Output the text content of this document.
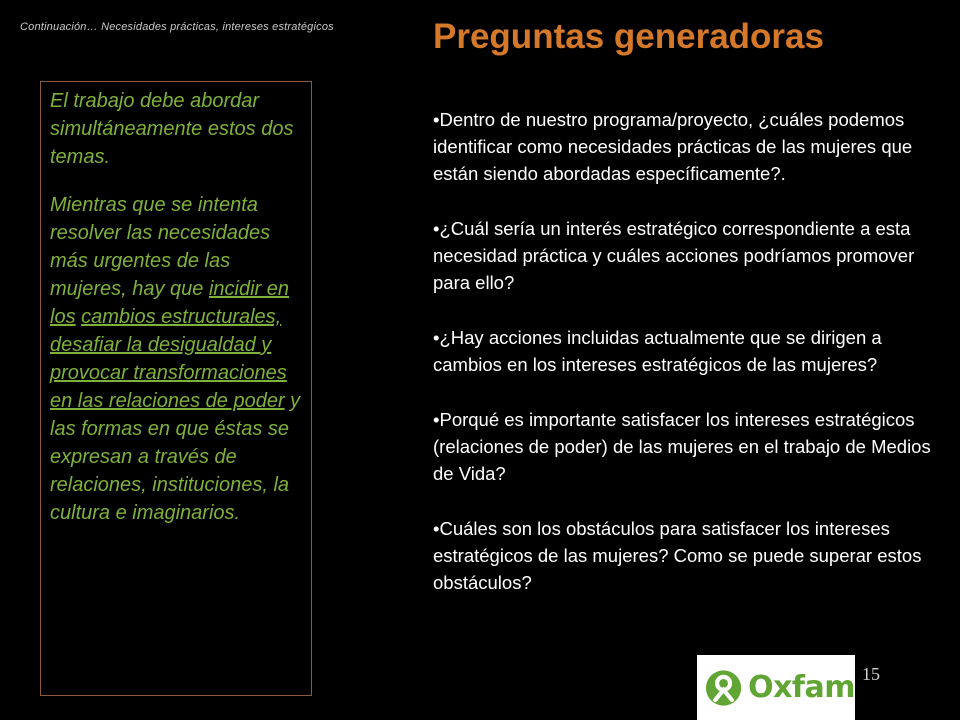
Continuación… Necesidades prácticas, intereses estratégicos	Preguntas generadoras

El trabajo debe abordar simultáneamente estos dos temas.

Mientras que se intenta resolver las necesidades más urgentes de las mujeres, hay que incidir en los cambios estructurales, desafiar la desigualdad y provocar transformaciones en las relaciones de poder y las formas en que éstas se expresan a través de relaciones, instituciones, la cultura e imaginarios.

•Dentro de nuestro programa/proyecto, ¿cuáles podemos identificar como necesidades prácticas de las mujeres que están siendo abordadas específicamente?.

•¿Cuál sería un interés estratégico correspondiente a esta necesidad práctica y cuáles acciones podríamos promover para ello?

•¿Hay acciones incluidas actualmente que se dirigen a cambios en los intereses estratégicos de las mujeres?

•Porqué es importante satisfacer los intereses estratégicos (relaciones de poder) de las mujeres en el trabajo de Medios de Vida?

•Cuáles son los obstáculos para satisfacer los intereses estratégicos de las mujeres? Como se puede superar estos obstáculos?

Oxfam 15
